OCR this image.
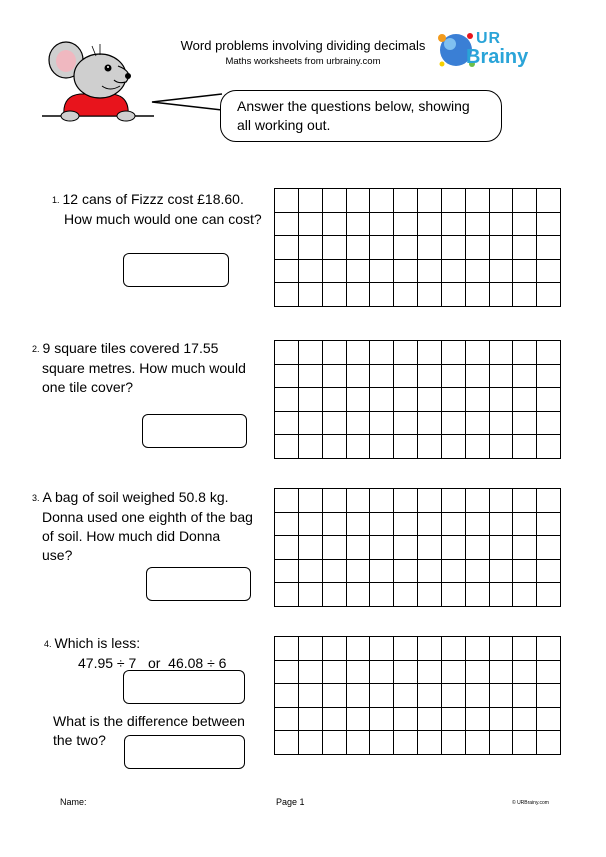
Word problems involving dividing decimals
Maths worksheets from urbrainy.com
Answer the questions below, showing
all working out.
UR
Brainy
1. 12 cans of Fizzz cost £18.60.
How much would one can cost?
2. 9 square tiles covered 17.55
square metres. How much would
one tile cover?
3. A bag of soil weighed 50.8 kg.
Donna used one eighth of the bag
of soil. How much did Donna
use?
4. Which is less:
47.95 ÷ 7   or  46.08 ÷ 6
What is the difference between
the two?
Name:	Page 1	© URBrainy.com
